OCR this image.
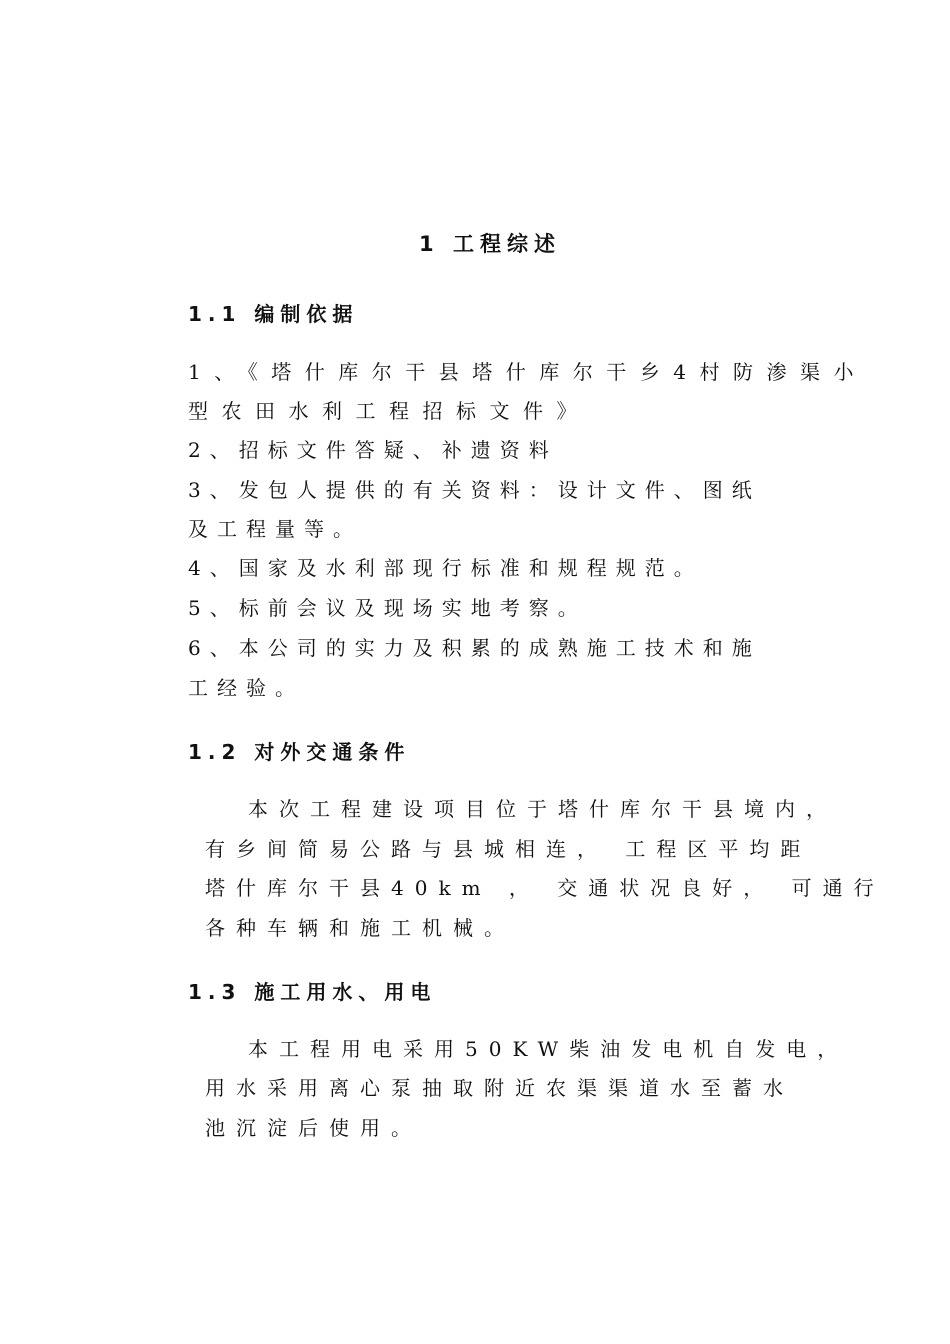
1 工程综述
1.1 编制依据
1、《塔什库尔干县塔什库尔干乡4村防渗渠小
型农田水利工程招标文件》
2、招标文件答疑、补遗资料
3、发包人提供的有关资料：设计文件、图纸
及工程量等。
4、国家及水利部现行标准和规程规范。
5、标前会议及现场实地考察。
6、本公司的实力及积累的成熟施工技术和施
工经验。
1.2 对外交通条件
本次工程建设项目位于塔什库尔干县境内，
有乡间简易公路与县城相连， 工程区平均距
塔什库尔干县40km ， 交通状况良好， 可通行
各种车辆和施工机械。
1.3 施工用水、用电
本工程用电采用50KW柴油发电机自发电，
用水采用离心泵抽取附近农渠渠道水至蓄水
池沉淀后使用。
